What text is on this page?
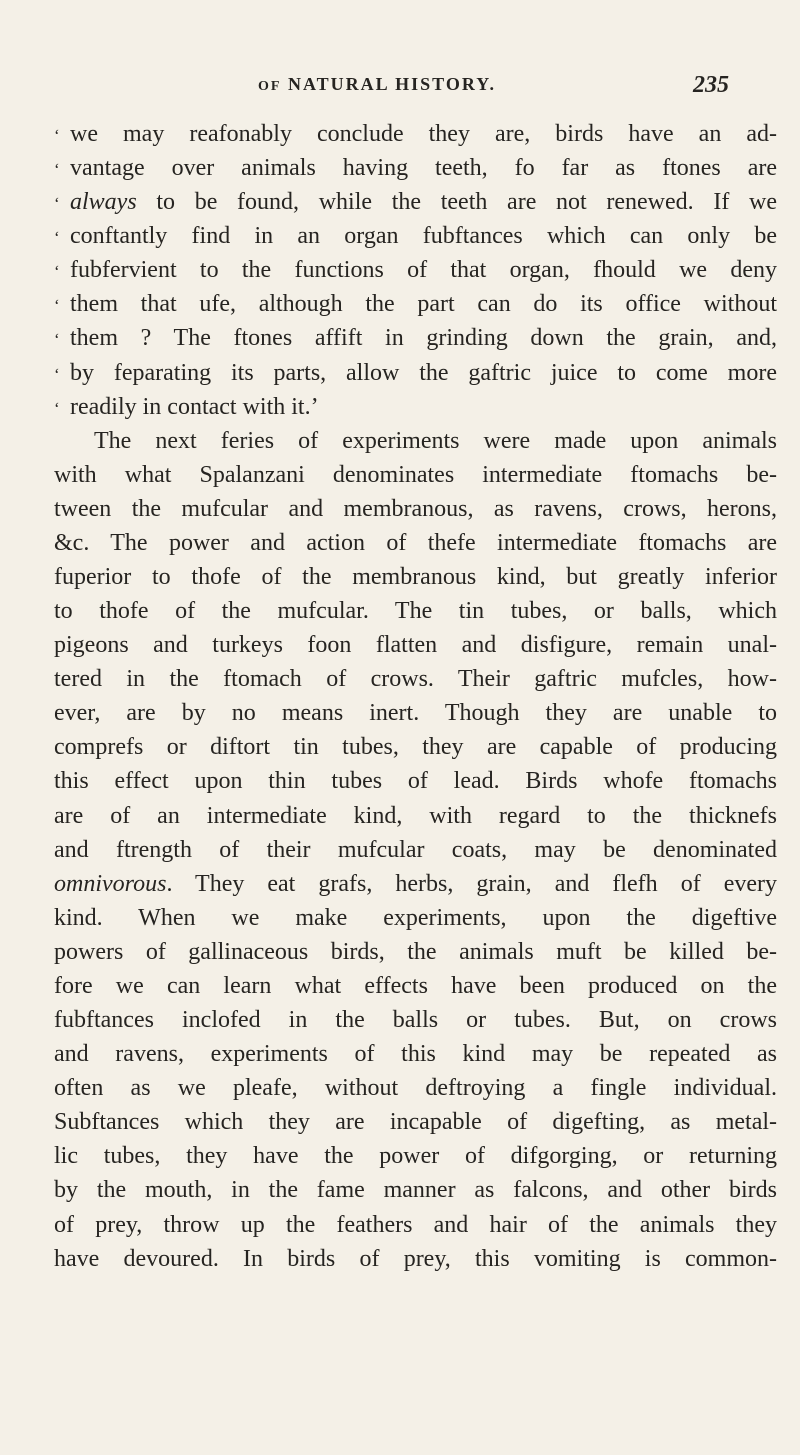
OF NATURAL HISTORY.	235
‘ we may reafonably conclude they are, birds have an ad-
‘ vantage over animals having teeth, fo far as ftones are
‘ always to be found, while the teeth are not renewed. If we
‘ conftantly find in an organ fubftances which can only be
‘ fubfervient to the functions of that organ, fhould we deny
‘ them that ufe, although the part can do its office without
‘ them ? The ftones affift in grinding down the grain, and,
‘ by feparating its parts, allow the gaftric juice to come more
‘ readily in contact with it.’
The next feries of experiments were made upon animals
with what Spalanzani denominates intermediate ftomachs be-
tween the mufcular and membranous, as ravens, crows, herons,
&c. The power and action of thefe intermediate ftomachs are
fuperior to thofe of the membranous kind, but greatly inferior
to thofe of the mufcular. The tin tubes, or balls, which
pigeons and turkeys foon flatten and disfigure, remain unal-
tered in the ftomach of crows. Their gaftric mufcles, how-
ever, are by no means inert. Though they are unable to
comprefs or diftort tin tubes, they are capable of producing
this effect upon thin tubes of lead. Birds whofe ftomachs
are of an intermediate kind, with regard to the thicknefs
and ftrength of their mufcular coats, may be denominated
omnivorous. They eat grafs, herbs, grain, and flefh of every
kind. When we make experiments, upon the digeftive
powers of gallinaceous birds, the animals muft be killed be-
fore we can learn what effects have been produced on the
fubftances inclofed in the balls or tubes. But, on crows
and ravens, experiments of this kind may be repeated as
often as we pleafe, without deftroying a fingle individual.
Subftances which they are incapable of digefting, as metal-
lic tubes, they have the power of difgorging, or returning
by the mouth, in the fame manner as falcons, and other birds
of prey, throw up the feathers and hair of the animals they
have devoured. In birds of prey, this vomiting is common-
